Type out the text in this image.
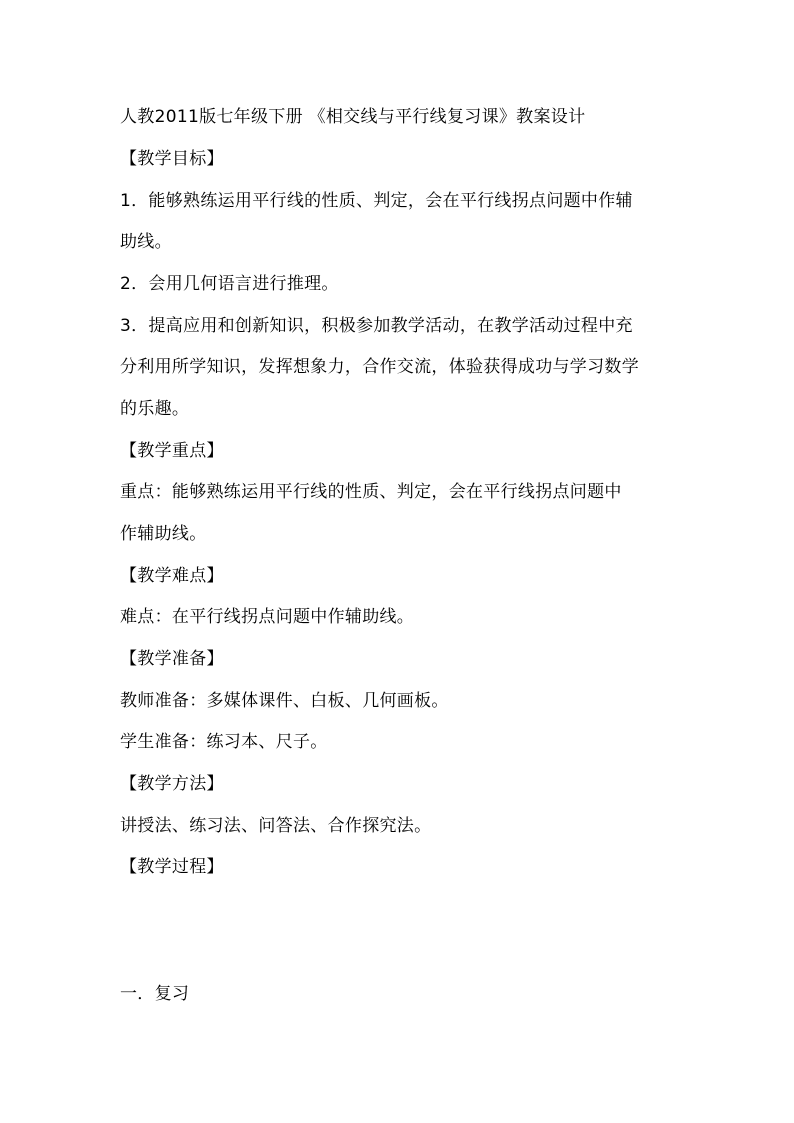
人教2011版七年级下册 《相交线与平行线复习课》教案设计
【教学目标】
1．能够熟练运用平行线的性质、判定，会在平行线拐点问题中作辅
助线。
2．会用几何语言进行推理。
3．提高应用和创新知识，积极参加教学活动，在教学活动过程中充
分利用所学知识，发挥想象力，合作交流，体验获得成功与学习数学
的乐趣。
【教学重点】
重点：能够熟练运用平行线的性质、判定，会在平行线拐点问题中
作辅助线。
【教学难点】
难点：在平行线拐点问题中作辅助线。
【教学准备】
教师准备：多媒体课件、白板、几何画板。
学生准备：练习本、尺子。
【教学方法】
讲授法、练习法、问答法、合作探究法。
【教学过程】
一．复习
